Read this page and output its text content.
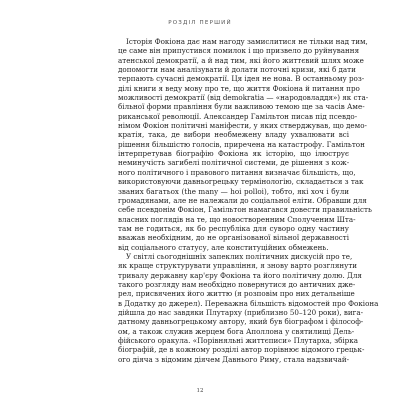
РОЗДІЛ ПЕРШИЙ
Історія Фокіона дає нам нагоду замислитися не тільки над тим,
це саме він припустився помилок і що призвело до руйнування
атенської демократії, а й над тим, які його життєвий шлях може
допомогти нам аналізувати й долати поточні кризи, які б дати
терпають сучасні демократії. Ця ідея не нова. В останньому роз-
ділі книги я веду мову про те, що життя Фокіона й питання про
можливості демократії (від demokratia — «народовладдя») як ста-
більної форми правління були важливою темою ще за часів Аме-
риканської революції. Александер Гамільтон писав під псевдо-
німом Фокіон політичні маніфести, у яких стверджував, що демо-
кратія, така, де вибори необмежену владу ухвалювати всі
рішення більшістю голосів, приречена на катастрофу. Гамільтон
інтерпретував біографію Фокіона як історію, що ілюструє
неминучість загибелі політичної системи, де рішення з кож-
ного політичного і правового питання визначає більшість, що,
використовуючи давньогрецьку термінологію, складається з так
званих багатьох (the many — hoi polloi), тобто, які хоч і були
громадянами, але не належали до соціальної еліти. Обравши для
себе псевдонім Фокіон, Гамільтон намагався довести правильність
власних поглядів на те, що новостворенним Сполученим Шта-
там не годиться, як бо республіка для суворо одну частину
вважав необхідним, до не організованої вільної державності
від соціального статусу, але конституційних обмежень.
У світлі сьогоднішніх запеклих політичних дискусій про те,
як краще структурувати управління, я знову варто розглянути
тривалу державну кар'єру Фокіона та його політичну долю. Для
такого розгляду нам необхідно повернутися до античних дже-
рел, присвячених його життю (я розповім про них детальніше
в Додатку до джерел). Переважна більшість відомостей про Фокіона
дійшла до нас завдяки Плутарху (приблизно 50–120 роки), вига-
датному давньогрецькому автору, який був біографом і філософ-
ом, а також служив жерцем бога Аполлона у святилищі Дель-
фійського оракула. «Порівняльні життєписи» Плутарха, збірка
біографій, де в кожному розділі автор порівнює відомого грецьк-
ого діяча з відомим діячем Давнього Риму, стала надзвичай-
12
